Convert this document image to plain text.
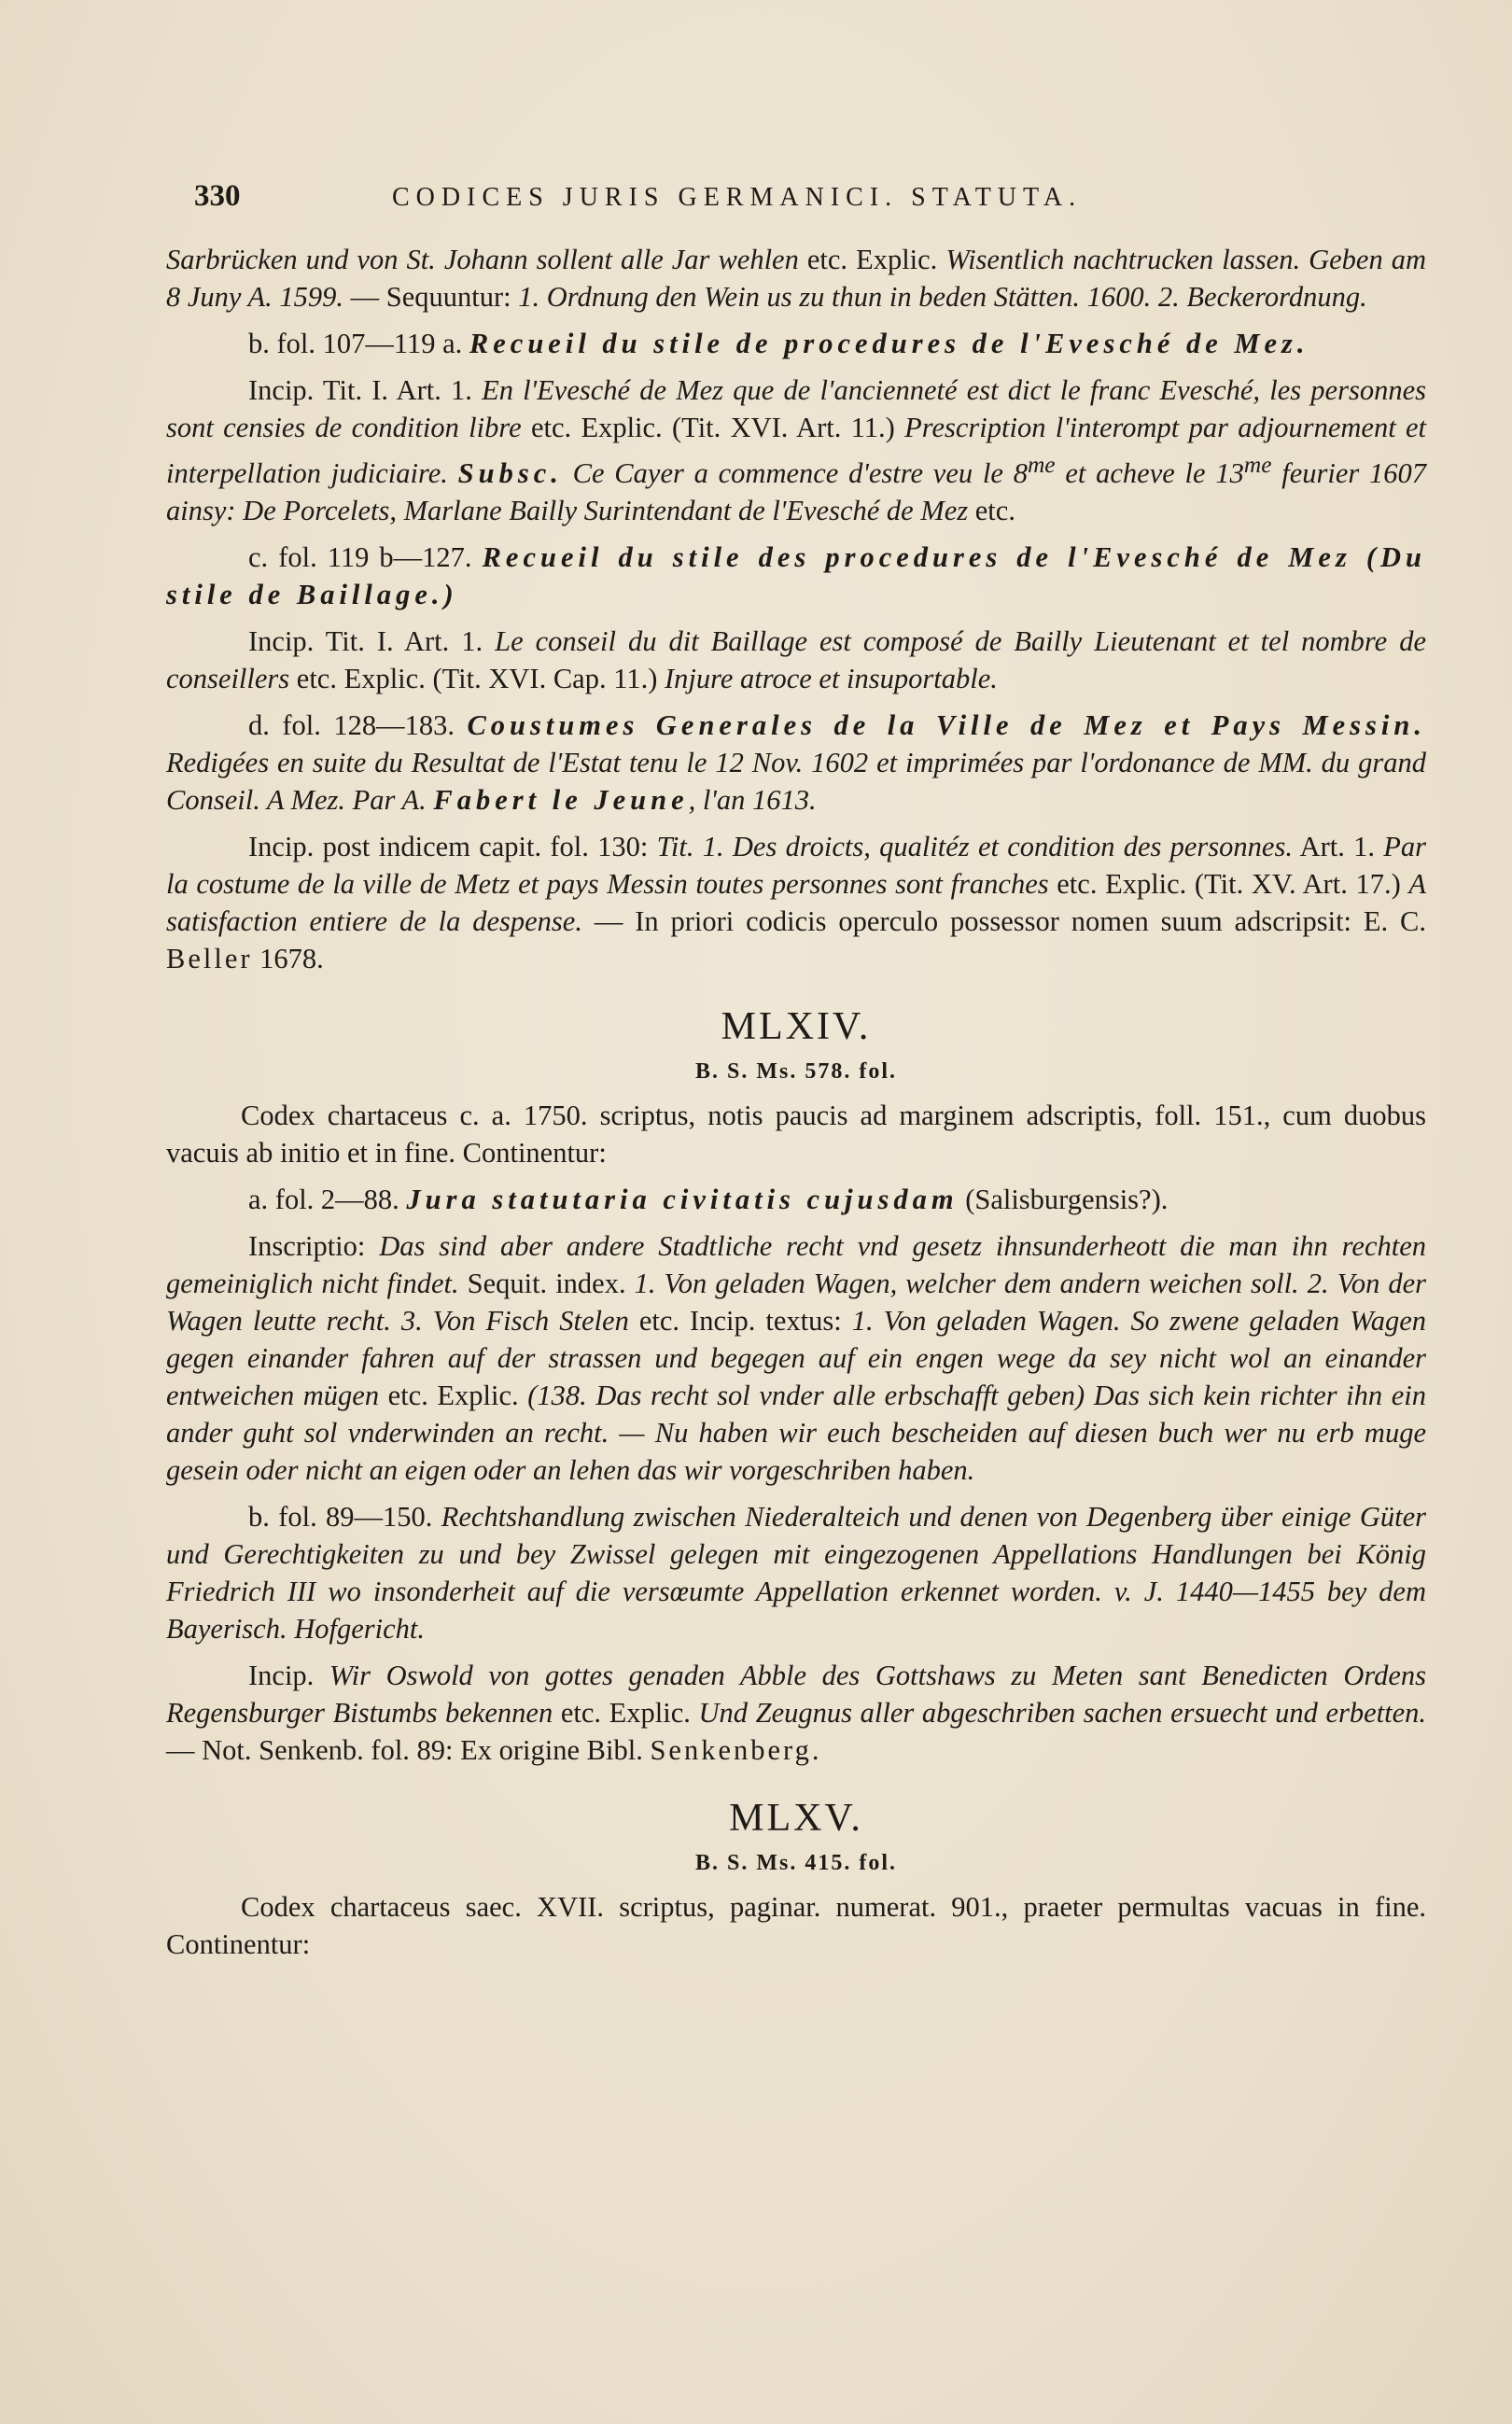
330	CODICES JURIS GERMANICI. STATUTA.

Sarbrücken und von St. Johann sollent alle Jar wehlen etc. Explic. Wisentlich nachtrucken lassen. Geben am 8 Juny A. 1599. — Sequuntur: 1. Ordnung den Wein us zu thun in beden Stätten. 1600. 2. Beckerordnung.

b. fol. 107—119 a. Recueil du stile de procedures de l'Evesché de Mez.

Incip. Tit. I. Art. 1. En l'Evesché de Mez que de l'ancienneté est dict le franc Evesché, les personnes sont censies de condition libre etc. Explic. (Tit. XVI. Art. 11.) Prescription l'interompt par adjournement et interpellation judiciaire. Subsc. Ce Cayer a commence d'estre veu le $8^{me}$ et acheve le $13^{me}$ feurier 1607 ainsy: De Porcelets, Marlane Bailly Surintendant de l'Evesché de Mez etc.

c. fol. 119 b—127. Recueil du stile des procedures de l'Evesché de Mez (Du stile de Baillage.)

Incip. Tit. I. Art. 1. Le conseil du dit Baillage est composé de Bailly Lieutenant et tel nombre de conseillers etc. Explic. (Tit. XVI. Cap. 11.) Injure atroce et insuportable.

d. fol. 128—183. Coustumes Generales de la Ville de Mez et Pays Messin. Redigées en suite du Resultat de l'Estat tenu le 12 Nov. 1602 et imprimées par l'ordonance de MM. du grand Conseil. A Mez. Par A. Fabert le Jeune, l'an 1613.

Incip. post indicem capit. fol. 130: Tit. 1. Des droicts, qualitéz et condition des personnes. Art. 1. Par la costume de la ville de Metz et pays Messin toutes personnes sont franches etc. Explic. (Tit. XV. Art. 17.) A satisfaction entiere de la despense. — In priori codicis operculo possessor nomen suum adscripsit: E. C. Beller 1678.

MLXIV.
B. S. Ms. 578. fol.

Codex chartaceus c. a. 1750. scriptus, notis paucis ad marginem adscriptis, foll. 151., cum duobus vacuis ab initio et in fine. Continentur:

a. fol. 2—88. Jura statutaria civitatis cujusdam (Salisburgensis?).

Inscriptio: Das sind aber andere Stadtliche recht vnd gesetz ihnsunderheott die man ihn rechten gemeiniglich nicht findet. Sequit. index. 1. Von geladen Wagen, welcher dem andern weichen soll. 2. Von der Wagen leutte recht. 3. Von Fisch Stelen etc. Incip. textus: 1. Von geladen Wagen. So zwene geladen Wagen gegen einander fahren auf der strassen und begegen auf ein engen wege da sey nicht wol an einander entweichen mügen etc. Explic. (138. Das recht sol vnder alle erbschafft geben) Das sich kein richter ihn ein ander guht sol vnderwinden an recht. — Nu haben wir euch bescheiden auf diesen buch wer nu erb muge gesein oder nicht an eigen oder an lehen das wir vorgeschriben haben.

b. fol. 89—150. Rechtshandlung zwischen Niederalteich und denen von Degenberg über einige Güter und Gerechtigkeiten zu und bey Zwissel gelegen mit eingezogenen Appellations Handlungen bei König Friedrich III wo insonderheit auf die versœumte Appellation erkennet worden. v. J. 1440—1455 bey dem Bayerisch. Hofgericht.

Incip. Wir Oswold von gottes genaden Abble des Gottshaws zu Meten sant Benedicten Ordens Regensburger Bistumbs bekennen etc. Explic. Und Zeugnus aller abgeschriben sachen ersuecht und erbetten. — Not. Senkenb. fol. 89: Ex origine Bibl. Senkenberg.

MLXV.
B. S. Ms. 415. fol.

Codex chartaceus saec. XVII. scriptus, paginar. numerat. 901., praeter permultas vacuas in fine. Continentur:
